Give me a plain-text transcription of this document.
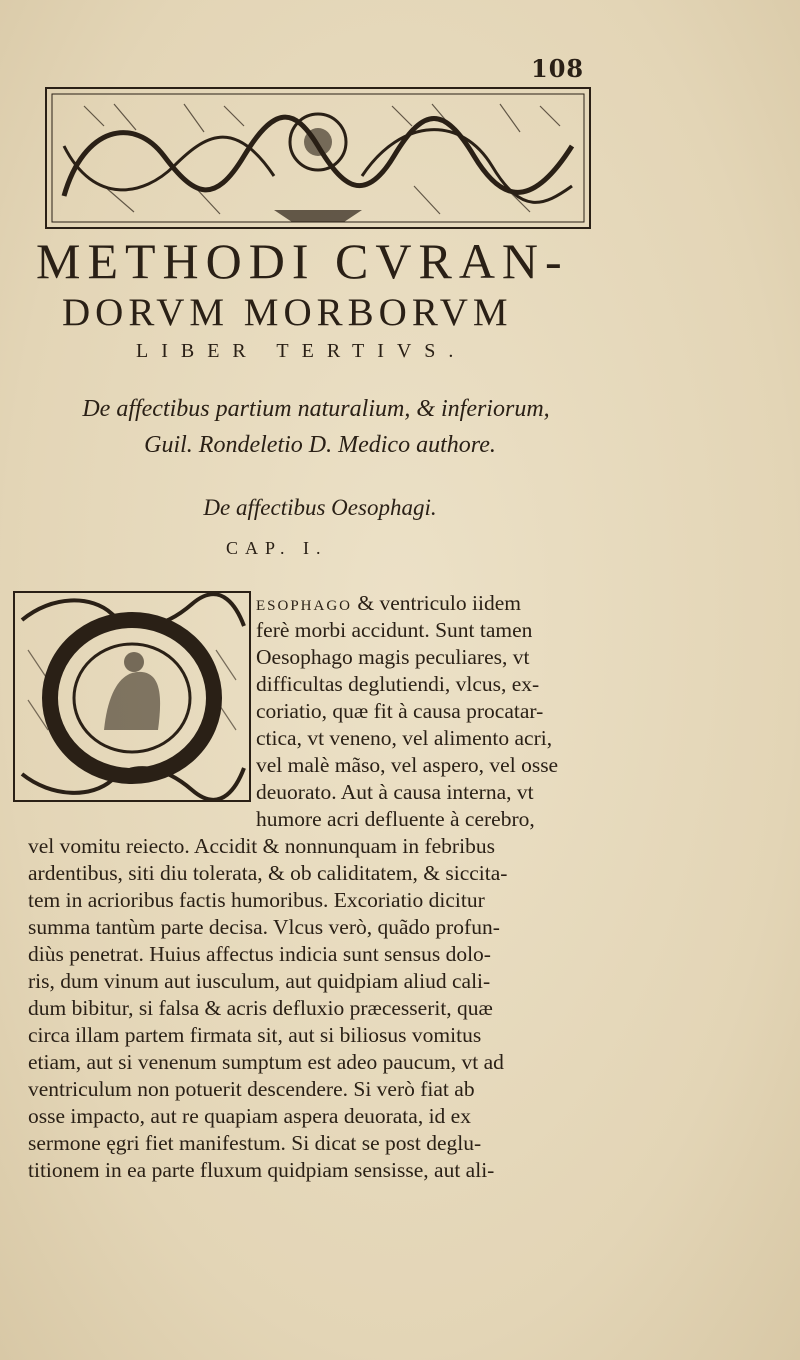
108
METHODI CVRAN-
DORVM MORBORVM
LIBER TERTIVS.
De affectibus partium naturalium, & inferiorum,
Guil. Rondeletio D. Medico authore.
De affectibus Oesophagi.
CAP. I.
ESOPHAGO & ventriculo iidem
ferè morbi accidunt. Sunt tamen
Oesophago magis peculiares, vt
difficultas deglutiendi, vlcus, ex-
coriatio, quæ fit à causa procatar-
ctica, vt veneno, vel alimento acri,
vel malè mãso, vel aspero, vel osse
deuorato. Aut à causa interna, vt
humore acri defluente à cerebro,
vel vomitu reiecto. Accidit & nonnunquam in febribus
ardentibus, siti diu tolerata, & ob caliditatem, & siccita-
tem in acrioribus factis humoribus. Excoriatio dicitur
summa tantùm parte decisa. Vlcus verò, quãdo profun-
diùs penetrat. Huius affectus indicia sunt sensus dolo-
ris, dum vinum aut iusculum, aut quidpiam aliud cali-
dum bibitur, si falsa & acris defluxio præcesserit, quæ
circa illam partem firmata sit, aut si biliosus vomitus
etiam, aut si venenum sumptum est adeo paucum, vt ad
ventriculum non potuerit descendere. Si verò fiat ab
osse impacto, aut re quapiam aspera deuorata, id ex
sermone ęgri fiet manifestum. Si dicat se post deglu-
titionem in ea parte fluxum quidpiam sensisse, aut ali-
